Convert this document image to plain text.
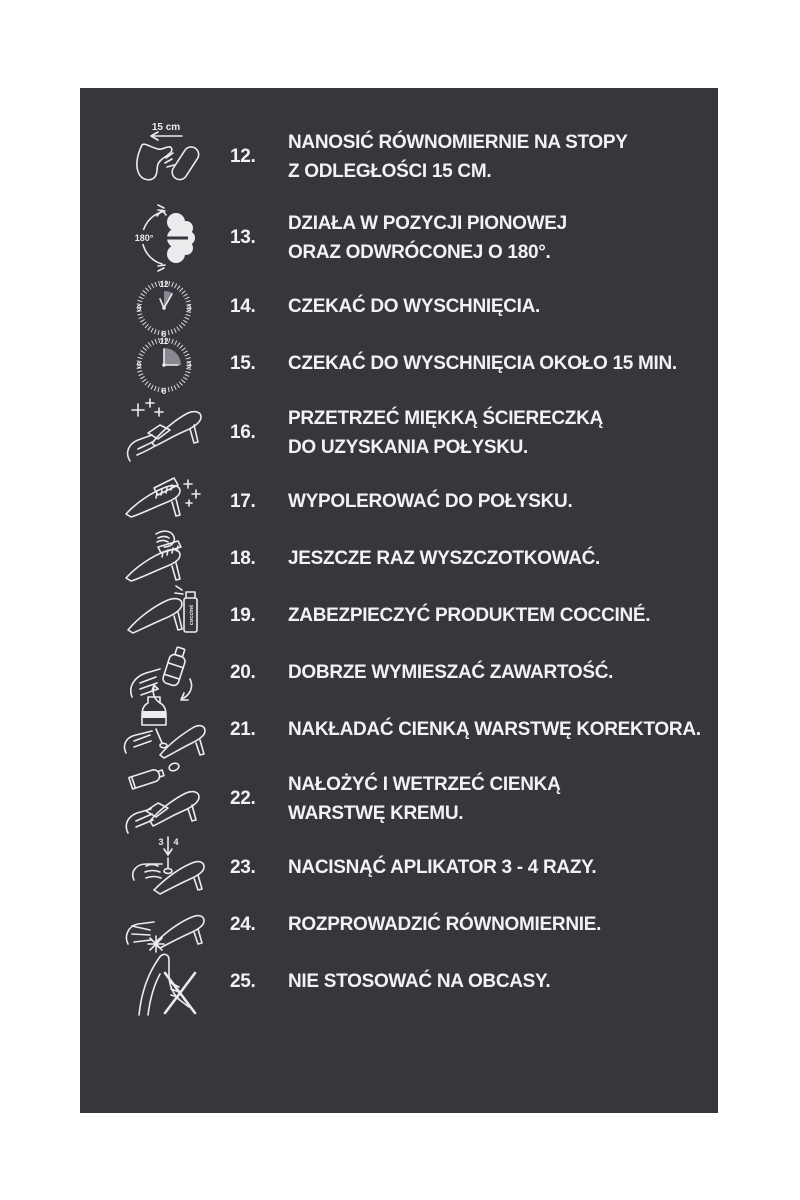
15 cm
12.
NANOSIĆ RÓWNOMIERNIE NA STOPY
Z ODLEGŁOŚCI 15 CM.
180°	13.
DZIAŁA W POZYCJI PIONOWEJ
ORAZ ODWRÓCONEJ O 180°.
12
3
6
9	14.	CZEKAĆ DO WYSCHNIĘCIA.
12
3
6
9	15.	CZEKAĆ DO WYSCHNIĘCIA OKOŁO 15 MIN.
16.
PRZETRZEĆ MIĘKKĄ ŚCIERECZKĄ
DO UZYSKANIA POŁYSKU.
17.	WYPOLEROWAĆ DO POŁYSKU.
18.	JESZCZE RAZ WYSZCZOTKOWAĆ.
cocciné 19.	ZABEZPIECZYĆ PRODUKTEM COCCINÉ.
20.	DOBRZE WYMIESZAĆ ZAWARTOŚĆ.
21.	NAKŁADAĆ CIENKĄ WARSTWĘ KOREKTORA.
22.
NAŁOŻYĆ I WETRZEĆ CIENKĄ
WARSTWĘ KREMU.
3 4
23.	NACISNĄĆ APLIKATOR 3 - 4 RAZY.
24.	ROZPROWADZIĆ RÓWNOMIERNIE.
25.	NIE STOSOWAĆ NA OBCASY.
